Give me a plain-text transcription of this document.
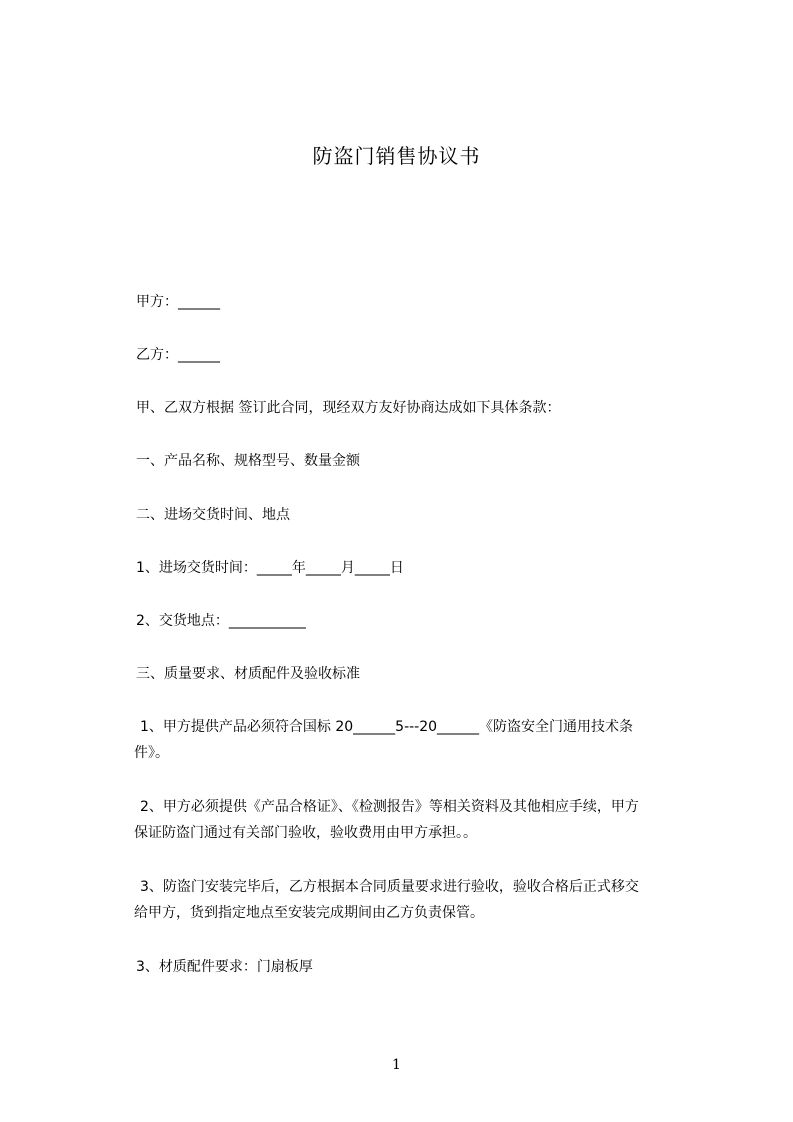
防盗门销售协议书
甲方：______
乙方：______
甲、乙双方根据 签订此合同，现经双方友好协商达成如下具体条款：
一、产品名称、规格型号、数量金额
二、进场交货时间、地点
1、进场交货时间：_____年_____月_____日
2、交货地点：___________
三、质量要求、材质配件及验收标准
1、甲方提供产品必须符合国标 20______5---20______《防盗安全门通用技术条
件》。
2、甲方必须提供《产品合格证》、《检测报告》等相关资料及其他相应手续，甲方
保证防盗门通过有关部门验收，验收费用由甲方承担。。
3、防盗门安装完毕后，乙方根据本合同质量要求进行验收，验收合格后正式移交
给甲方，货到指定地点至安装完成期间由乙方负责保管。
3、材质配件要求：门扇板厚
1
